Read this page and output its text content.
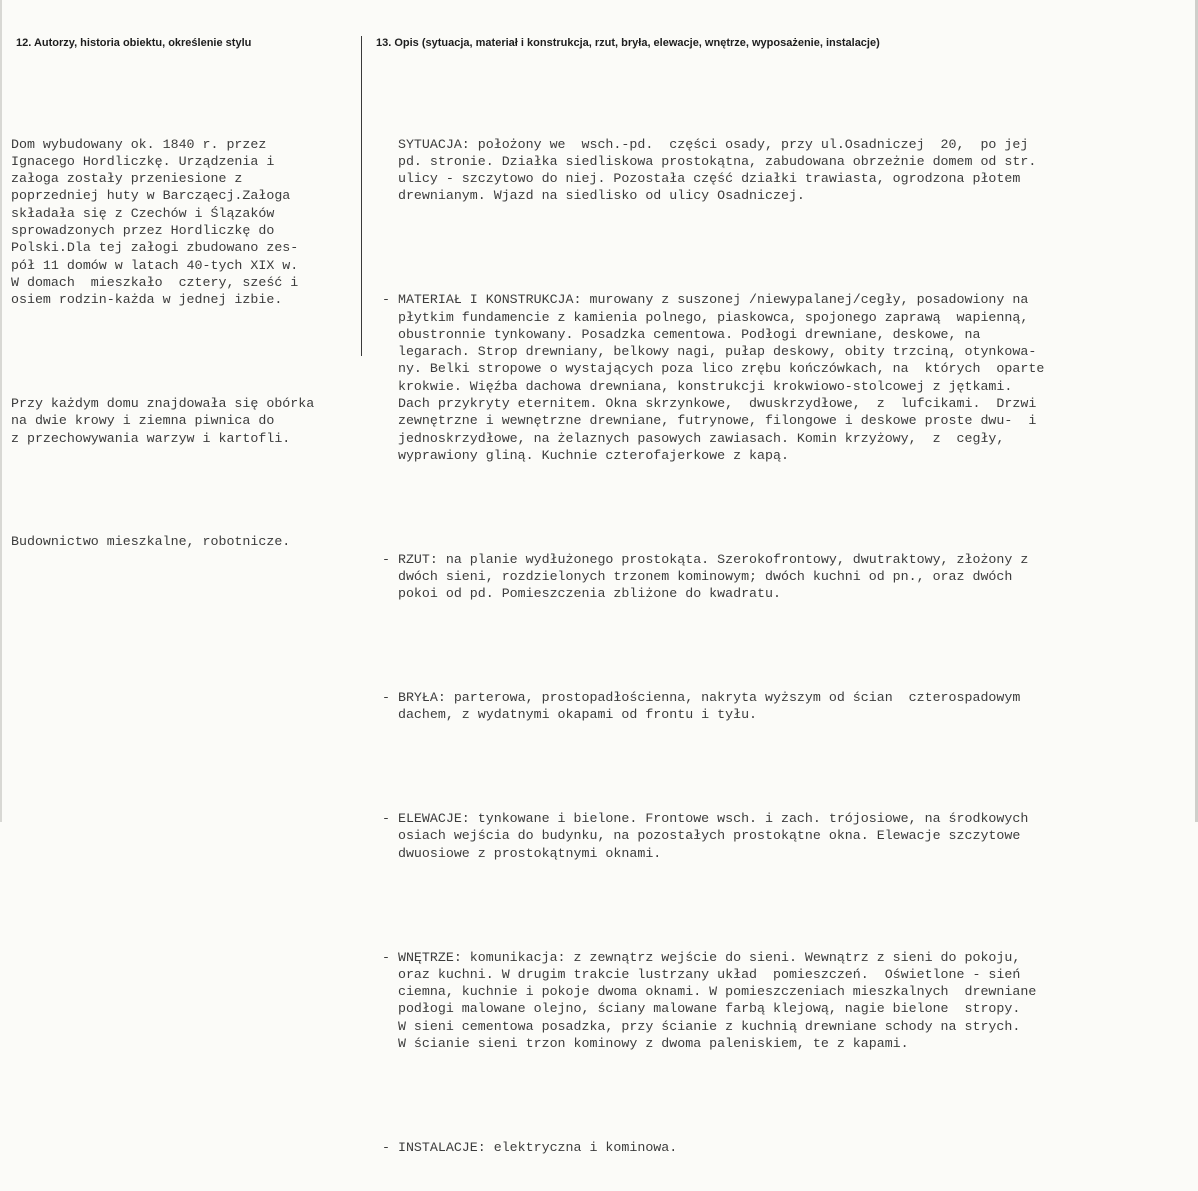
12. Autorzy, historia obiektu, określenie stylu	13. Opis (sytuacja, materiał i konstrukcja, rzut, bryła, elewacje, wnętrze, wyposażenie, instalacje)

Dom wybudowany ok. 1840 r. przez
Ignacego Hordliczkę. Urządzenia i
załoga zostały przeniesione z
poprzedniej huty w Barcząecj.Załoga
składała się z Czechów i Ślązaków
sprowadzonych przez Hordliczkę do
Polski.Dla tej załogi zbudowano zes-
pół 11 domów w latach 40-tych XIX w.
W domach  mieszkało  cztery, sześć i
osiem rodzin-każda w jednej izbie.

Przy każdym domu znajdowała się obórka
na dwie krowy i ziemna piwnica do
z przechowywania warzyw i kartofli.

Budownictwo mieszkalne, robotnicze.

SYTUACJA: położony we  wsch.-pd.  części osady, przy ul.Osadniczej  20,  po jej
pd. stronie. Działka siedliskowa prostokątna, zabudowana obrzeżnie domem od str.
ulicy - szczytowo do niej. Pozostała część działki trawiasta, ogrodzona płotem
drewnianym. Wjazd na siedlisko od ulicy Osadniczej.

- MATERIAŁ I KONSTRUKCJA: murowany z suszonej /niewypalanej/cegły, posadowiony na
płytkim fundamencie z kamienia polnego, piaskowca, spojonego zaprawą  wapienną,
obustronnie tynkowany. Posadzka cementowa. Podłogi drewniane, deskowe, na
legarach. Strop drewniany, belkowy nagi, pułap deskowy, obity trzciną, otynkowa-
ny. Belki stropowe o wystających poza lico zrębu kończówkach, na  których  oparte
krokwie. Więźba dachowa drewniana, konstrukcji krokwiowo-stolcowej z jętkami.
Dach przykryty eternitem. Okna skrzynkowe,  dwuskrzydłowe,  z  lufcikami.  Drzwi
zewnętrzne i wewnętrzne drewniane, futrynowe, filongowe i deskowe proste dwu-  i
jednoskrzydłowe, na żelaznych pasowych zawiasach. Komin krzyżowy,  z  cegły,
wyprawiony gliną. Kuchnie czterofajerkowe z kapą.

- RZUT: na planie wydłużonego prostokąta. Szerokofrontowy, dwutraktowy, złożony z
dwóch sieni, rozdzielonych trzonem kominowym; dwóch kuchni od pn., oraz dwóch
pokoi od pd. Pomieszczenia zbliżone do kwadratu.

- BRYŁA: parterowa, prostopadłościenna, nakryta wyższym od ścian  czterospadowym
dachem, z wydatnymi okapami od frontu i tyłu.

- ELEWACJE: tynkowane i bielone. Frontowe wsch. i zach. trójosiowe, na środkowych
osiach wejścia do budynku, na pozostałych prostokątne okna. Elewacje szczytowe
dwuosiowe z prostokątnymi oknami.

- WNĘTRZE: komunikacja: z zewnątrz wejście do sieni. Wewnątrz z sieni do pokoju,
oraz kuchni. W drugim trakcie lustrzany układ  pomieszczeń.  Oświetlone - sień
ciemna, kuchnie i pokoje dwoma oknami. W pomieszczeniach mieszkalnych  drewniane
podłogi malowane olejno, ściany malowane farbą klejową, nagie bielone  stropy.
W sieni cementowa posadzka, przy ścianie z kuchnią drewniane schody na strych.
W ścianie sieni trzon kominowy z dwoma paleniskiem, te z kapami.

- INSTALACJE: elektryczna i kominowa.
